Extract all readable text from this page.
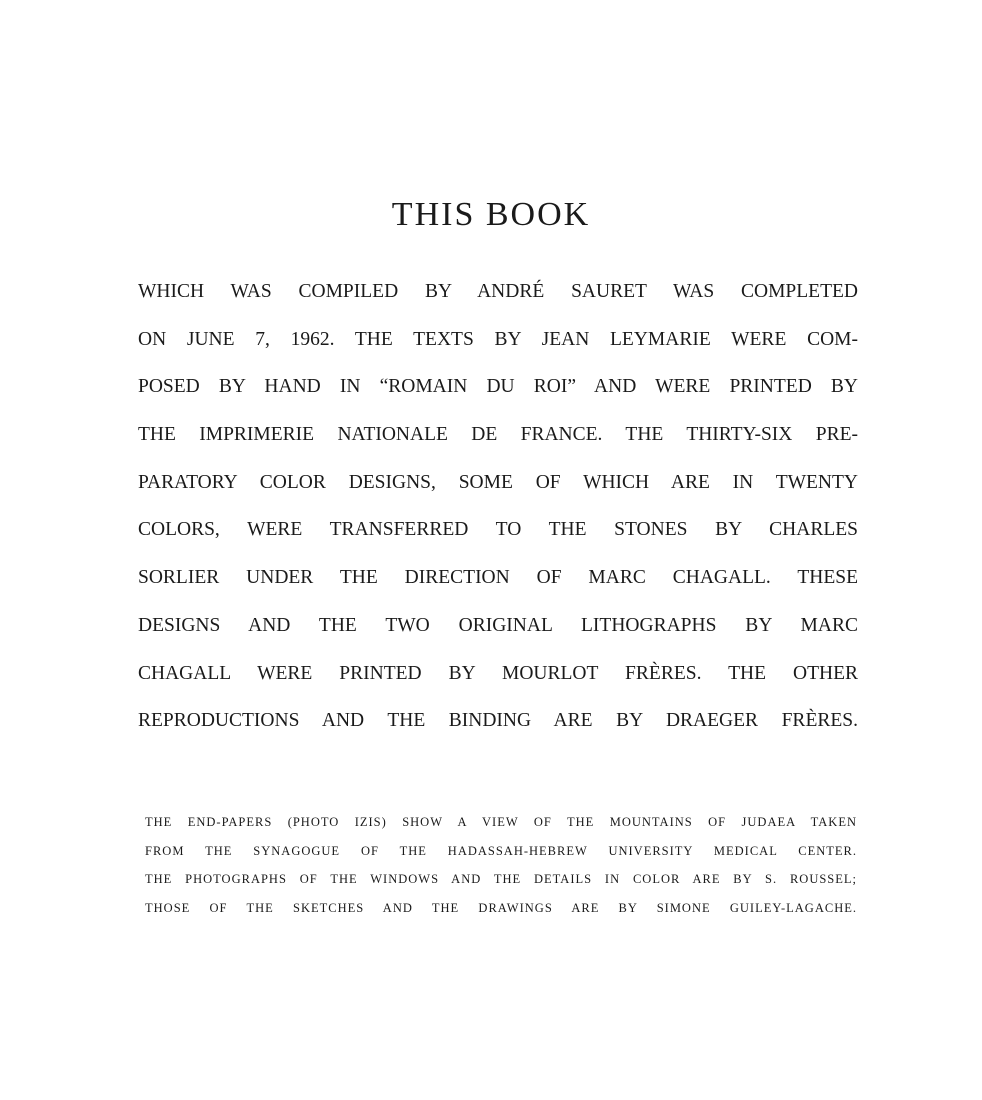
THIS BOOK
WHICH WAS COMPILED BY ANDRÉ SAURET WAS COMPLETED
ON JUNE 7, 1962. THE TEXTS BY JEAN LEYMARIE WERE COM-
POSED BY HAND IN “ROMAIN DU ROI” AND WERE PRINTED BY
THE IMPRIMERIE NATIONALE DE FRANCE. THE THIRTY-SIX PRE-
PARATORY COLOR DESIGNS, SOME OF WHICH ARE IN TWENTY
COLORS, WERE TRANSFERRED TO THE STONES BY CHARLES
SORLIER UNDER THE DIRECTION OF MARC CHAGALL. THESE
DESIGNS AND THE TWO ORIGINAL LITHOGRAPHS BY MARC
CHAGALL WERE PRINTED BY MOURLOT FRÈRES. THE OTHER
REPRODUCTIONS AND THE BINDING ARE BY DRAEGER FRÈRES.
THE END-PAPERS (PHOTO IZIS) SHOW A VIEW OF THE MOUNTAINS OF JUDAEA TAKEN
FROM THE SYNAGOGUE OF THE HADASSAH-HEBREW UNIVERSITY MEDICAL CENTER.
THE PHOTOGRAPHS OF THE WINDOWS AND THE DETAILS IN COLOR ARE BY S. ROUSSEL;
THOSE OF THE SKETCHES AND THE DRAWINGS ARE BY SIMONE GUILEY-LAGACHE.
